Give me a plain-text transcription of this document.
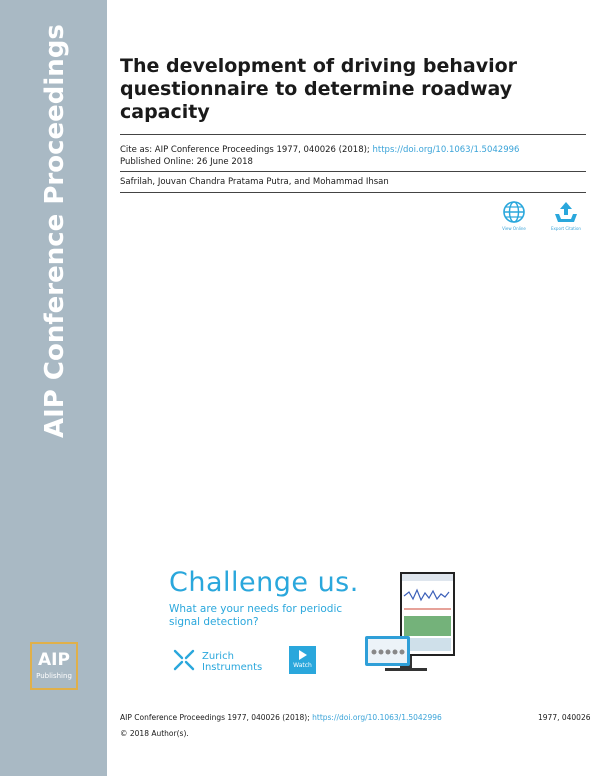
AIP Conference Proceedings
AIP
Publishing
The development of driving behavior questionnaire to determine roadway capacity
Cite as: AIP Conference Proceedings 1977, 040026 (2018); https://doi.org/10.1063/1.5042996
Published Online: 26 June 2018
Safrilah, Jouvan Chandra Pratama Putra, and Mohammad Ihsan
View Online	Export Citation
Challenge us.
What are your needs for periodic signal detection?
Zurich Instruments	Watch
AIP Conference Proceedings 1977, 040026 (2018); https://doi.org/10.1063/1.5042996	1977, 040026
© 2018 Author(s).
